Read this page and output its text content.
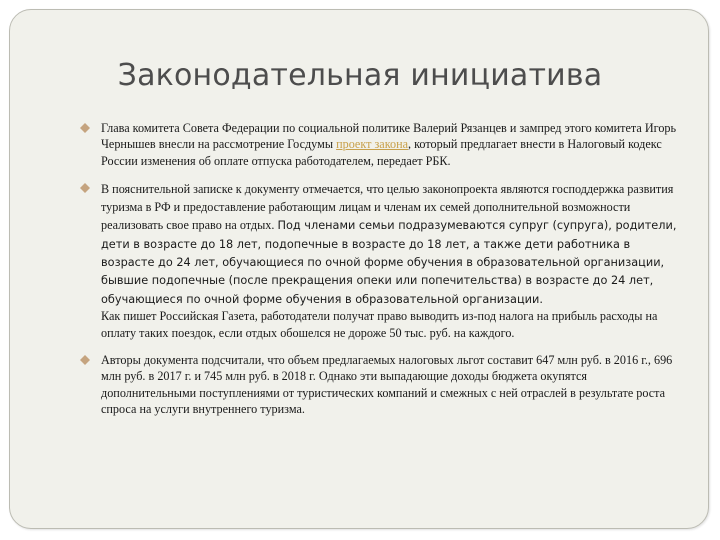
Законодательная инициатива

Глава комитета Совета Федерации по социальной политике Валерий Рязанцев и зампред этого комитета Игорь Чернышев внесли на рассмотрение Госдумы проект закона, который предлагает внести в Налоговый кодекс России изменения об оплате отпуска работодателем, передает РБК.

В пояснительной записке к документу отмечается, что целью законопроекта являются господдержка развития туризма в РФ и предоставление работающим лицам и членам их семей дополнительной возможности реализовать свое право на отдых. Под членами семьи подразумеваются супруг (супруга), родители, дети в возрасте до 18 лет, подопечные в возрасте до 18 лет, а также дети работника в возрасте до 24 лет, обучающиеся по очной форме обучения в образовательной организации, бывшие подопечные (после прекращения опеки или попечительства) в возрасте до 24 лет, обучающиеся по очной форме обучения в образовательной организации.

Как пишет Российская Газета, работодатели получат право выводить из-под налога на прибыль расходы на оплату таких поездок, если отдых обошелся не дороже 50 тыс. руб. на каждого.

Авторы документа подсчитали, что объем предлагаемых налоговых льгот составит 647 млн руб. в 2016 г., 696 млн руб. в 2017 г. и 745 млн руб. в 2018 г. Однако эти выпадающие доходы бюджета окупятся дополнительными поступлениями от туристических компаний и смежных с ней отраслей в результате роста спроса на услуги внутреннего туризма.
